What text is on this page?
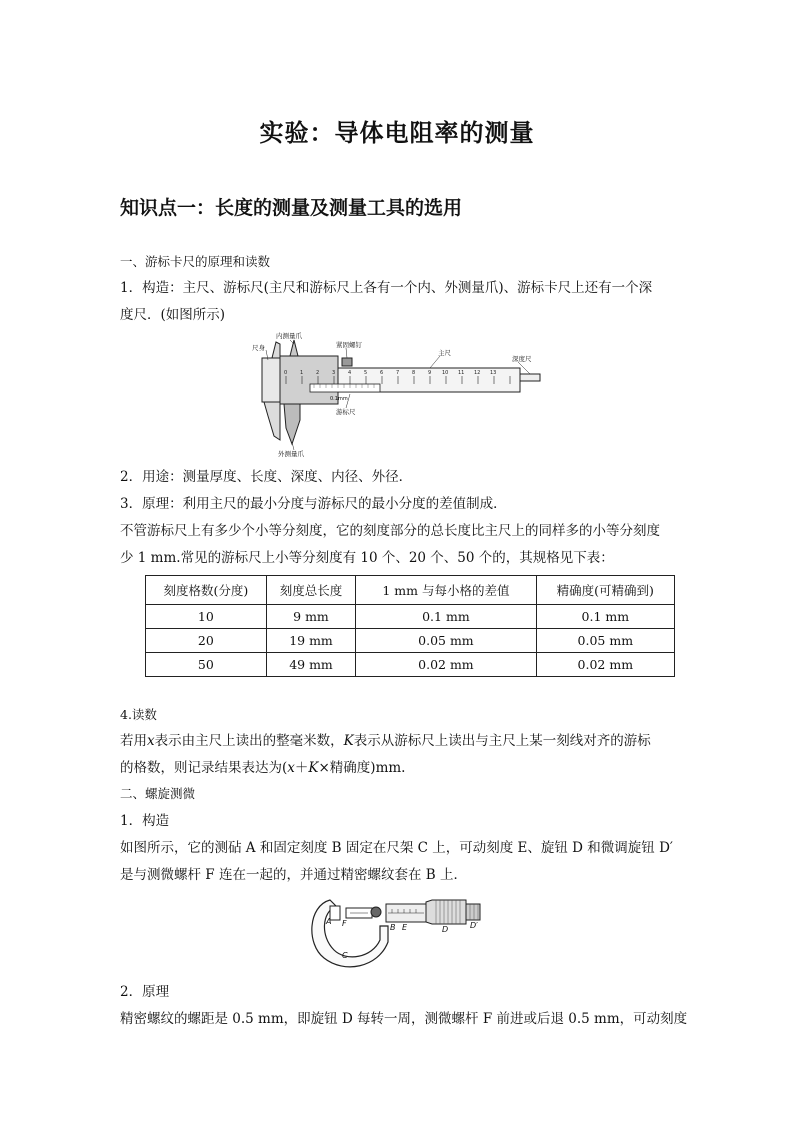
实验：导体电阻率的测量
知识点一：长度的测量及测量工具的选用
一、游标卡尺的原理和读数
1．构造：主尺、游标尺(主尺和游标尺上各有一个内、外测量爪)、游标卡尺上还有一个深
度尺．(如图所示)
0	1	2	3	4	5	6	7	8	9 10 11 12 13
尺身
内测量爪
紧固螺钉
主尺
深度尺
游标尺
外测量爪
0.1mm
2．用途：测量厚度、长度、深度、内径、外径．
3．原理：利用主尺的最小分度与游标尺的最小分度的差值制成．
不管游标尺上有多少个小等分刻度，它的刻度部分的总长度比主尺上的同样多的小等分刻度
少 1 mm.常见的游标尺上小等分刻度有 10 个、20 个、50 个的，其规格见下表：
刻度格数(分度)	刻度总长度	1 mm 与每小格的差值	精确度(可精确到)
10	9 mm	0.1 mm	0.1 mm
20	19 mm	0.05 mm	0.05 mm
50	49 mm	0.02 mm	0.02 mm
4.读数
若用x表示由主尺上读出的整毫米数，K表示从游标尺上读出与主尺上某一刻线对齐的游标
的格数，则记录结果表达为(x＋K×精确度)mm.
二、螺旋测微
1．构造
如图所示，它的测砧 A 和固定刻度 B 固定在尺架 C 上，可动刻度 E、旋钮 D 和微调旋钮 D′
是与测微螺杆 F 连在一起的，并通过精密螺纹套在 B 上．
A F	B E	D	D′
C
2．原理
精密螺纹的螺距是 0.5 mm，即旋钮 D 每转一周，测微螺杆 F 前进或后退 0.5 mm，可动刻度
